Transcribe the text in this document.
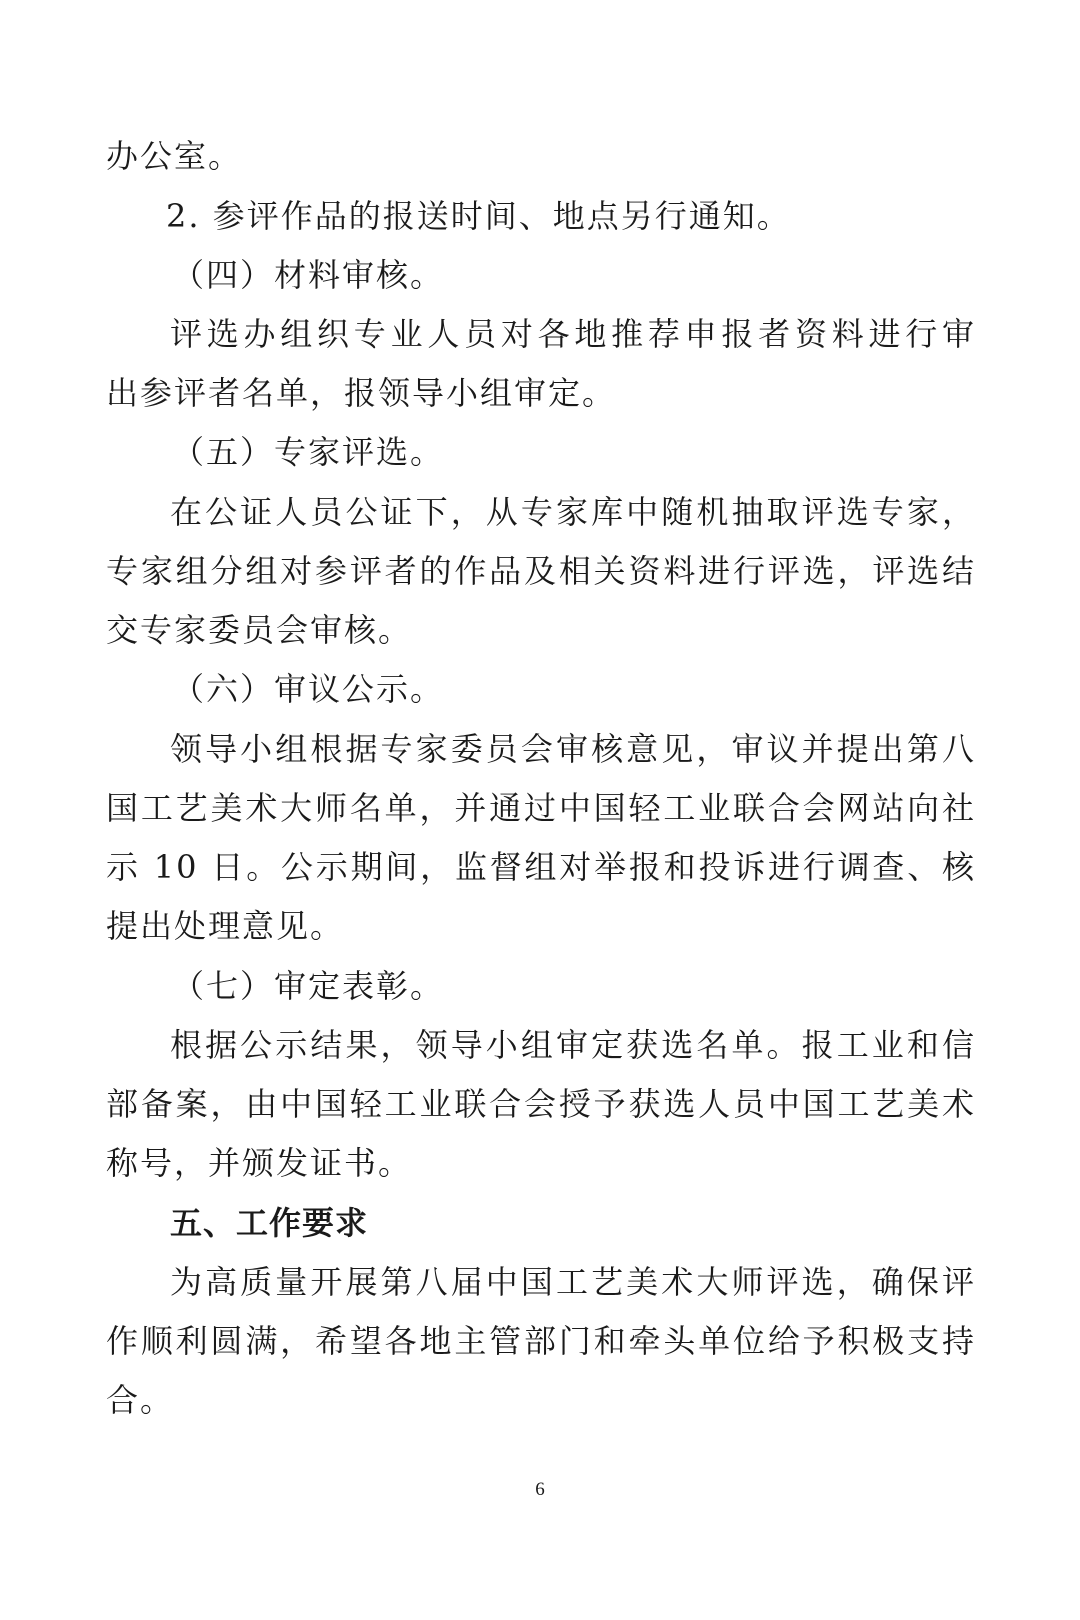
办公室。
2. 参评作品的报送时间、地点另行通知。
（四）材料审核。
评选办组织专业人员对各地推荐申报者资料进行审
出参评者名单，报领导小组审定。
（五）专家评选。
在公证人员公证下，从专家库中随机抽取评选专家，
专家组分组对参评者的作品及相关资料进行评选，评选结
交专家委员会审核。
（六）审议公示。
领导小组根据专家委员会审核意见，审议并提出第八
国工艺美术大师名单，并通过中国轻工业联合会网站向社
示 10 日。公示期间，监督组对举报和投诉进行调查、核
提出处理意见。
（七）审定表彰。
根据公示结果，领导小组审定获选名单。报工业和信
部备案，由中国轻工业联合会授予获选人员中国工艺美术
称号，并颁发证书。
五、工作要求
为高质量开展第八届中国工艺美术大师评选，确保评
作顺利圆满，希望各地主管部门和牵头单位给予积极支持
合。
6
